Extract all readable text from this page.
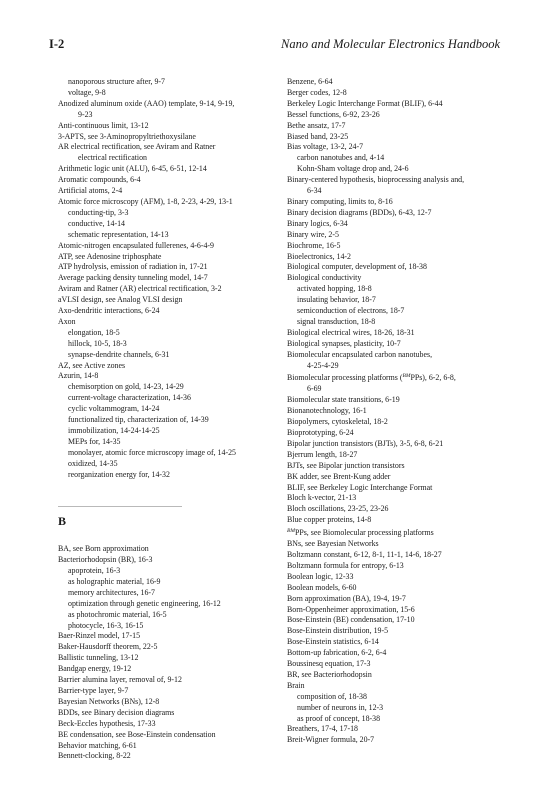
I-2	Nano and Molecular Electronics Handbook
nanoporous structure after, 9-7
voltage, 9-8
Anodized aluminum oxide (AAO) template, 9-14, 9-19,
9-23
Anti-continuous limit, 13-12
3-APTS, see 3-Aminopropyltriethoxysilane
AR electrical rectification, see Aviram and Ratner
electrical rectification
Arithmetic logic unit (ALU), 6-45, 6-51, 12-14
Aromatic compounds, 6-4
Artificial atoms, 2-4
Atomic force microscopy (AFM), 1-8, 2-23, 4-29, 13-1
conducting-tip, 3-3
conductive, 14-14
schematic representation, 14-13
Atomic-nitrogen encapsulated fullerenes, 4-6-4-9
ATP, see Adenosine triphosphate
ATP hydrolysis, emission of radiation in, 17-21
Average packing density tunneling model, 14-7
Aviram and Ratner (AR) electrical rectification, 3-2
aVLSI design, see Analog VLSI design
Axo-dendritic interactions, 6-24
Axon
elongation, 18-5
hillock, 10-5, 18-3
synapse-dendrite channels, 6-31
AZ, see Active zones
Azurin, 14-8
chemisorption on gold, 14-23, 14-29
current-voltage characterization, 14-36
cyclic voltammogram, 14-24
functionalized tip, characterization of, 14-39
immobilization, 14-24-14-25
MEPs for, 14-35
monolayer, atomic force microscopy image of, 14-25
oxidized, 14-35
reorganization energy for, 14-32
B
BA, see Born approximation
Bacteriorhodopsin (BR), 16-3
apoprotein, 16-3
as holographic material, 16-9
memory architectures, 16-7
optimization through genetic engineering, 16-12
as photochromic material, 16-5
photocycle, 16-3, 16-15
Baer-Rinzel model, 17-15
Baker-Hausdorff theorem, 22-5
Ballistic tunneling, 13-12
Bandgap energy, 19-12
Barrier alumina layer, removal of, 9-12
Barrier-type layer, 9-7
Bayesian Networks (BNs), 12-8
BDDs, see Binary decision diagrams
Beck-Eccles hypothesis, 17-33
BE condensation, see Bose-Einstein condensation
Behavior matching, 6-61
Bennett-clocking, 8-22
Benzene, 6-64
Berger codes, 12-8
Berkeley Logic Interchange Format (BLIF), 6-44
Bessel functions, 6-92, 23-26
Bethe ansatz, 17-7
Biased band, 23-25
Bias voltage, 13-2, 24-7
carbon nanotubes and, 4-14
Kohn-Sham voltage drop and, 24-6
Binary-centered hypothesis, bioprocessing analysis and,
6-34
Binary computing, limits to, 8-16
Binary decision diagrams (BDDs), 6-43, 12-7
Binary logics, 6-34
Binary wire, 2-5
Biochrome, 16-5
Bioelectronics, 14-2
Biological computer, development of, 18-38
Biological conductivity
activated hopping, 18-8
insulating behavior, 18-7
semiconduction of electrons, 18-7
signal transduction, 18-8
Biological electrical wires, 18-26, 18-31
Biological synapses, plasticity, 10-7
Biomolecular encapsulated carbon nanotubes,
4-25-4-29
Biomolecular processing platforms ($^{BM}$PPs), 6-2, 6-8,
6-69
Biomolecular state transitions, 6-19
Bionanotechnology, 16-1
Biopolymers, cytoskeletal, 18-2
Bioprototyping, 6-24
Bipolar junction transistors (BJTs), 3-5, 6-8, 6-21
Bjerrum length, 18-27
BJTs, see Bipolar junction transistors
BK adder, see Brent-Kung adder
BLIF, see Berkeley Logic Interchange Format
Bloch k-vector, 21-13
Bloch oscillations, 23-25, 23-26
Blue copper proteins, 14-8
$^{BM}$PPs, see Biomolecular processing platforms
BNs, see Bayesian Networks
Boltzmann constant, 6-12, 8-1, 11-1, 14-6, 18-27
Boltzmann formula for entropy, 6-13
Boolean logic, 12-33
Boolean models, 6-60
Born approximation (BA), 19-4, 19-7
Born-Oppenheimer approximation, 15-6
Bose-Einstein (BE) condensation, 17-10
Bose-Einstein distribution, 19-5
Bose-Einstein statistics, 6-14
Bottom-up fabrication, 6-2, 6-4
Boussinesq equation, 17-3
BR, see Bacteriorhodopsin
Brain
composition of, 18-38
number of neurons in, 12-3
as proof of concept, 18-38
Breathers, 17-4, 17-18
Breit-Wigner formula, 20-7
